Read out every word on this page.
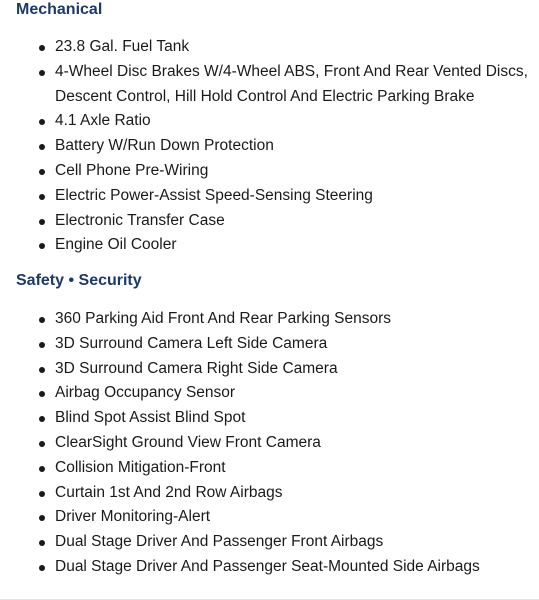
Mechanical
23.8 Gal. Fuel Tank
4-Wheel Disc Brakes W/4-Wheel ABS, Front And Rear Vented Discs, Descent Control, Hill Hold Control And Electric Parking Brake
4.1 Axle Ratio
Battery W/Run Down Protection
Cell Phone Pre-Wiring
Electric Power-Assist Speed-Sensing Steering
Electronic Transfer Case
Engine Oil Cooler
Safety • Security
360 Parking Aid Front And Rear Parking Sensors
3D Surround Camera Left Side Camera
3D Surround Camera Right Side Camera
Airbag Occupancy Sensor
Blind Spot Assist Blind Spot
ClearSight Ground View Front Camera
Collision Mitigation-Front
Curtain 1st And 2nd Row Airbags
Driver Monitoring-Alert
Dual Stage Driver And Passenger Front Airbags
Dual Stage Driver And Passenger Seat-Mounted Side Airbags
